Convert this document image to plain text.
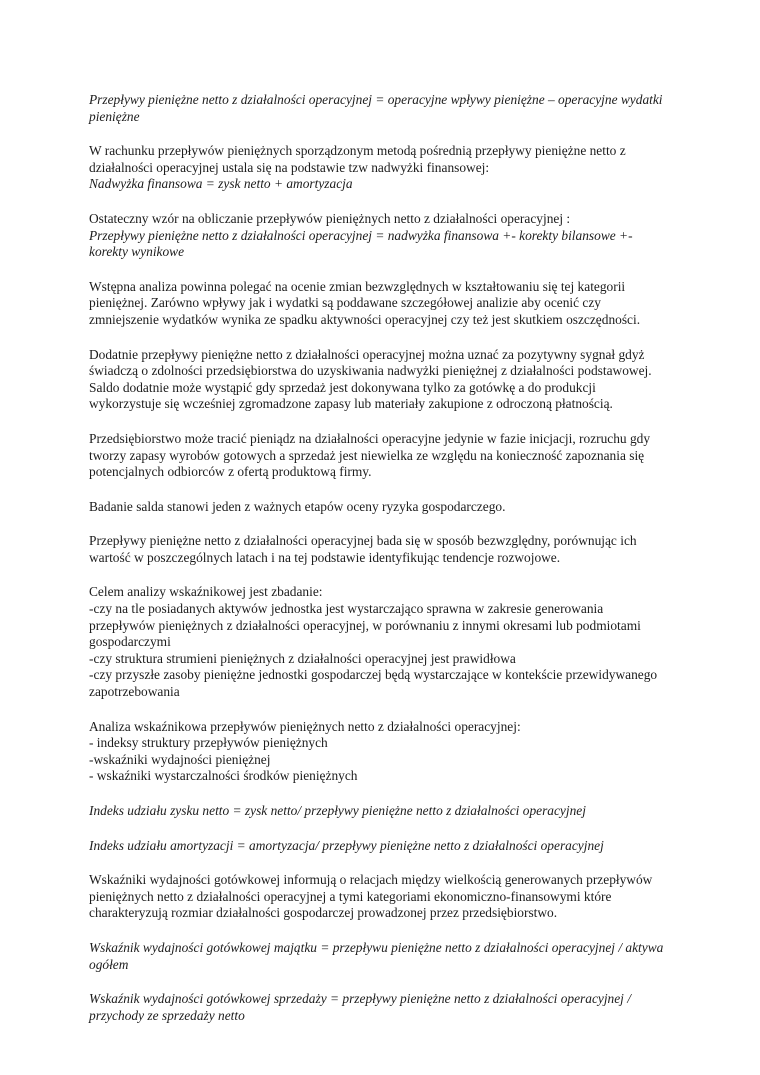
Przepływy pieniężne netto z działalności operacyjnej = operacyjne wpływy pieniężne – operacyjne wydatki
pieniężne
W rachunku przepływów pieniężnych sporządzonym metodą pośrednią przepływy pieniężne netto z
działalności operacyjnej ustala się na podstawie tzw nadwyżki finansowej:
Nadwyżka finansowa = zysk netto + amortyzacja
Ostateczny wzór na obliczanie przepływów pieniężnych netto z działalności operacyjnej :
Przepływy pieniężne netto z działalności operacyjnej = nadwyżka finansowa +- korekty bilansowe +-
korekty wynikowe
Wstępna analiza powinna polegać na ocenie zmian bezwzględnych w kształtowaniu się tej kategorii
pieniężnej. Zarówno wpływy jak i wydatki są poddawane szczegółowej analizie aby ocenić czy
zmniejszenie wydatków wynika ze spadku aktywności operacyjnej czy też jest skutkiem oszczędności.
Dodatnie przepływy pieniężne netto z działalności operacyjnej można uznać za pozytywny sygnał gdyż
świadczą o zdolności przedsiębiorstwa do uzyskiwania nadwyżki pieniężnej z działalności podstawowej.
Saldo dodatnie może wystąpić gdy sprzedaż jest dokonywana tylko za gotówkę a do produkcji
wykorzystuje się wcześniej zgromadzone zapasy lub materiały zakupione z odroczoną płatnością.
Przedsiębiorstwo może tracić pieniądz na działalności operacyjne jedynie w fazie inicjacji, rozruchu gdy
tworzy zapasy wyrobów gotowych a sprzedaż jest niewielka ze względu na konieczność zapoznania się
potencjalnych odbiorców z ofertą produktową firmy.
Badanie salda stanowi jeden z ważnych etapów oceny ryzyka gospodarczego.
Przepływy pieniężne netto z działalności operacyjnej bada się w sposób bezwzględny, porównując ich
wartość w poszczególnych latach i na tej podstawie identyfikując tendencje rozwojowe.
Celem analizy wskaźnikowej jest zbadanie:
-czy na tle posiadanych aktywów jednostka jest wystarczająco sprawna w zakresie generowania
przepływów pieniężnych z działalności operacyjnej, w porównaniu z innymi okresami lub podmiotami
gospodarczymi
-czy struktura strumieni pieniężnych z działalności operacyjnej jest prawidłowa
-czy przyszłe zasoby pieniężne jednostki gospodarczej będą wystarczające w kontekście przewidywanego
zapotrzebowania
Analiza wskaźnikowa przepływów pieniężnych netto z działalności operacyjnej:
- indeksy struktury przepływów pieniężnych
-wskaźniki wydajności pieniężnej
- wskaźniki wystarczalności środków pieniężnych
Indeks udziału zysku netto = zysk netto/ przepływy pieniężne netto z działalności operacyjnej
Indeks udziału amortyzacji = amortyzacja/ przepływy pieniężne netto z działalności operacyjnej
Wskaźniki wydajności gotówkowej informują o relacjach między wielkością generowanych przepływów
pieniężnych netto z działalności operacyjnej a tymi kategoriami ekonomiczno-finansowymi które
charakteryzują rozmiar działalności gospodarczej prowadzonej przez przedsiębiorstwo.
Wskaźnik wydajności gotówkowej majątku = przepływu pieniężne netto z działalności operacyjnej / aktywa
ogółem
Wskaźnik wydajności gotówkowej sprzedaży = przepływy pieniężne netto z działalności operacyjnej /
przychody ze sprzedaży netto
